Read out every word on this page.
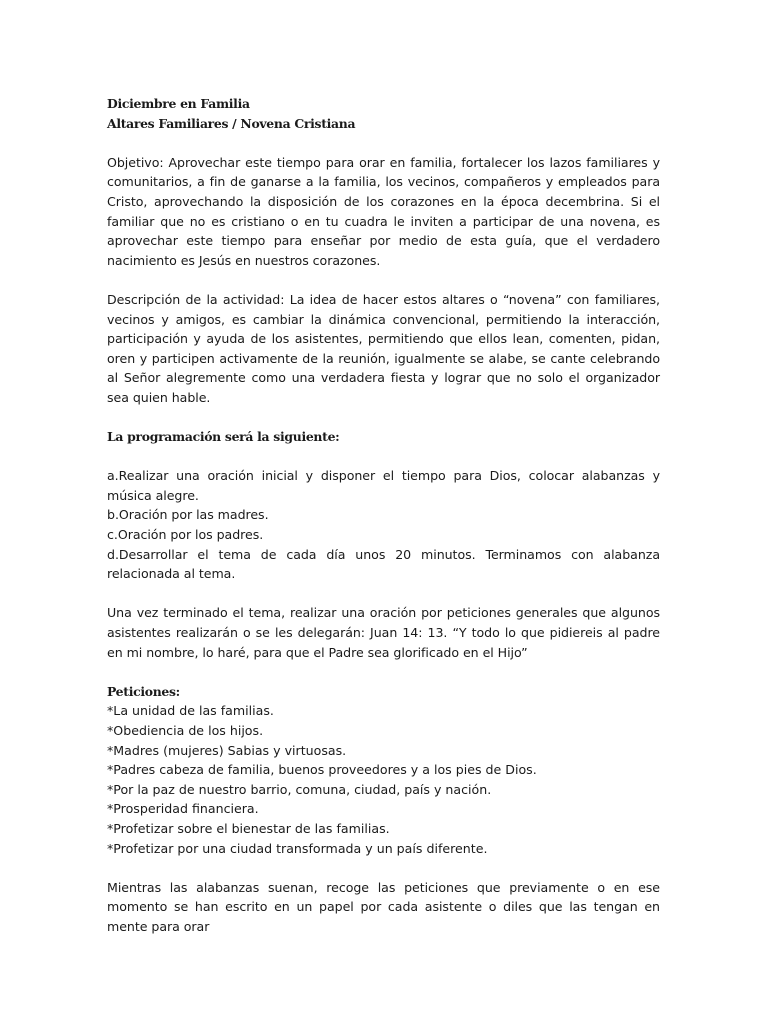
Diciembre en Familia

Altares Familiares / Novena Cristiana

Objetivo: Aprovechar este tiempo para orar en familia, fortalecer los lazos familiares y comunitarios, a fin de ganarse a la familia, los vecinos, compañeros y empleados para Cristo, aprovechando la disposición de los corazones en la época decembrina. Si el familiar que no es cristiano o en tu cuadra le inviten a participar de una novena, es aprovechar este tiempo para enseñar por medio de esta guía, que el verdadero nacimiento es Jesús en nuestros corazones.

Descripción de la actividad: La idea de hacer estos altares o “novena” con familiares, vecinos y amigos, es cambiar la dinámica convencional, permitiendo la interacción, participación y ayuda de los asistentes, permitiendo que ellos lean, comenten, pidan, oren y participen activamente de la reunión, igualmente se alabe, se cante celebrando al Señor alegremente como una verdadera fiesta y lograr que no solo el organizador sea quien hable.

La programación será la siguiente:

a.Realizar una oración inicial y disponer el tiempo para Dios, colocar alabanzas y música alegre.

b.Oración por las madres.

c.Oración por los padres.

d.Desarrollar el tema de cada día unos 20 minutos. Terminamos con alabanza relacionada al tema.

Una vez terminado el tema, realizar una oración por peticiones generales que algunos asistentes realizarán o se les delegarán: Juan 14: 13. “Y todo lo que pidiereis al padre en mi nombre, lo haré, para que el Padre sea glorificado en el Hijo”

Peticiones:

*La unidad de las familias.
*Obediencia de los hijos.
*Madres (mujeres) Sabias y virtuosas.
*Padres cabeza de familia, buenos proveedores y a los pies de Dios.
*Por la paz de nuestro barrio, comuna, ciudad, país y nación.
*Prosperidad financiera.
*Profetizar sobre el bienestar de las familias.
*Profetizar por una ciudad transformada y un país diferente.

Mientras las alabanzas suenan, recoge las peticiones que previamente o en ese momento se han escrito en un papel por cada asistente o diles que las tengan en mente para orar
